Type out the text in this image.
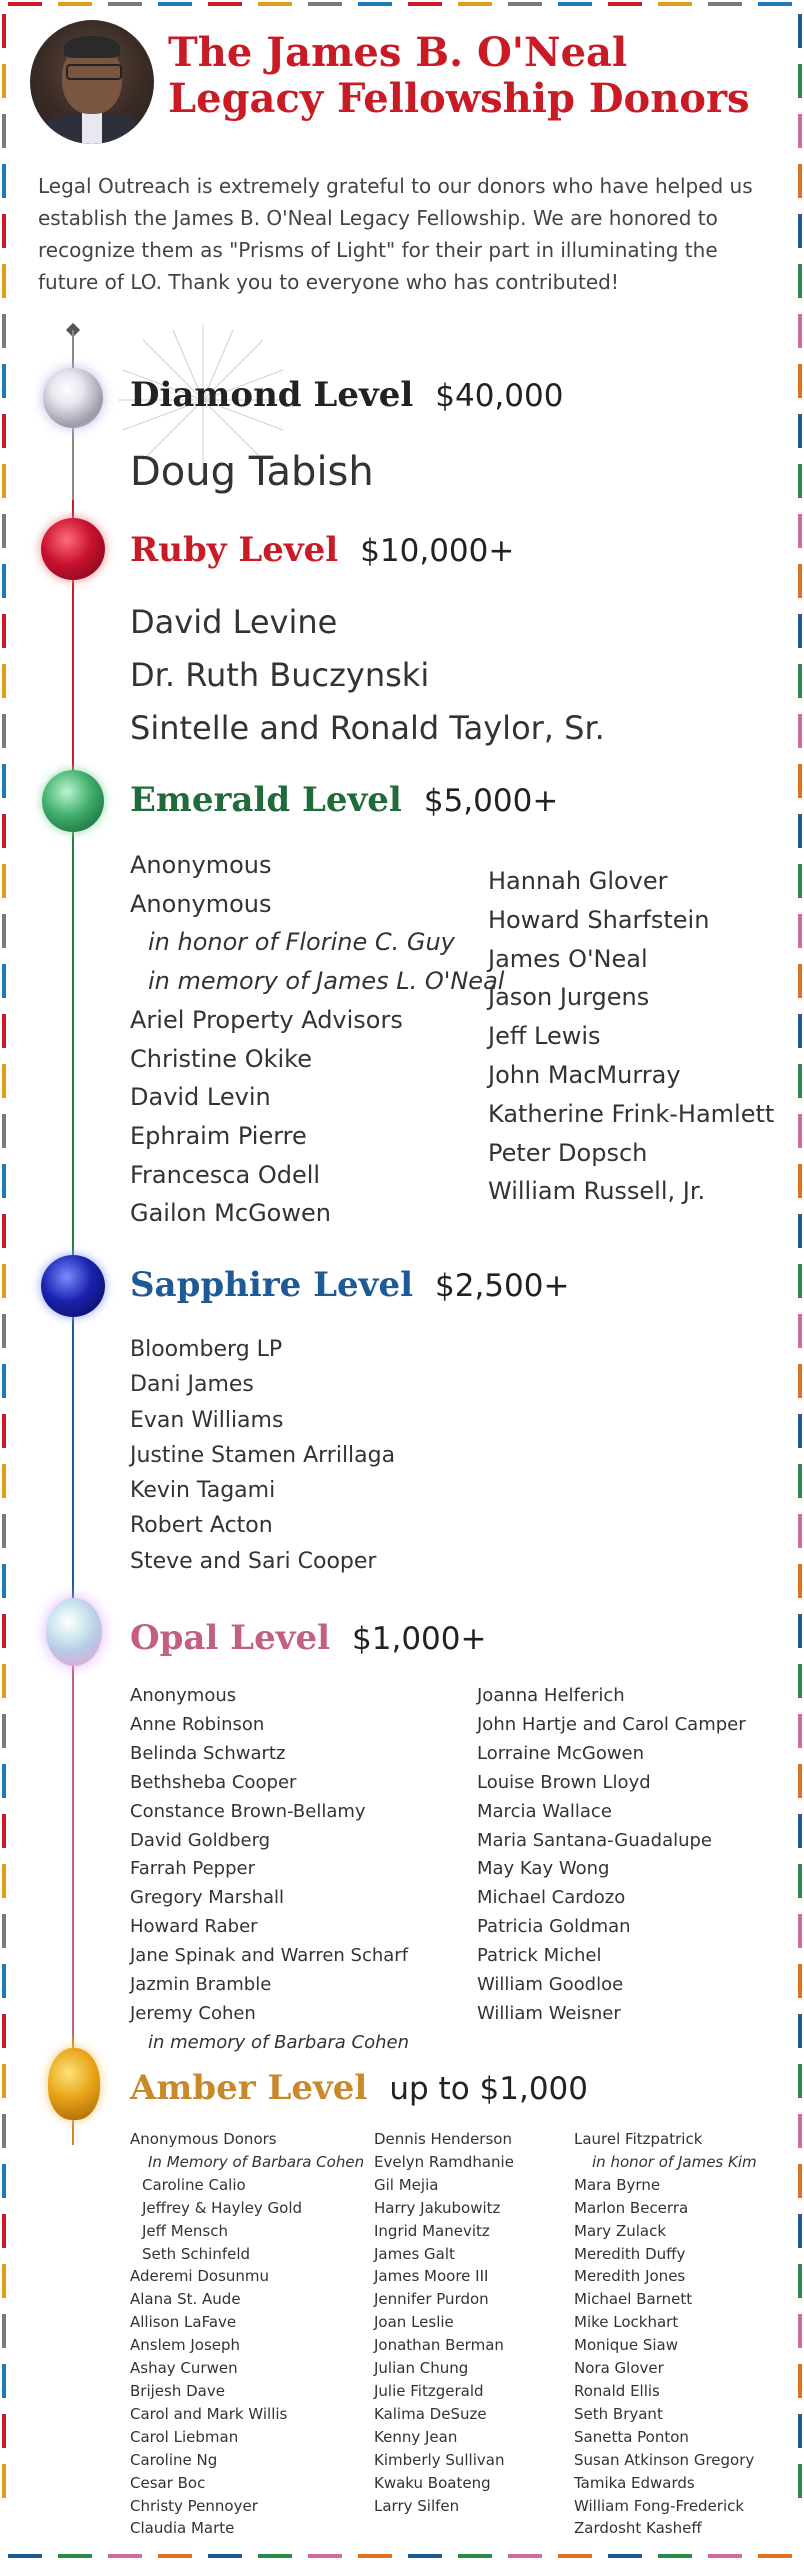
The James B. O'Neal
Legacy Fellowship Donors

Legal Outreach is extremely grateful to our donors who have helped us establish the James B. O'Neal Legacy Fellowship. We are honored to recognize them as "Prisms of Light" for their part in illuminating the future of LO. Thank you to everyone who has contributed!

Diamond Level $40,000
Doug Tabish
Ruby Level $10,000+
David Levine
Dr. Ruth Buczynski
Sintelle and Ronald Taylor, Sr.
Emerald Level $5,000+
Anonymous
Anonymous
in honor of Florine C. Guy
in memory of James L. O'Neal
Ariel Property Advisors
Christine Okike
David Levin
Ephraim Pierre
Francesca Odell
Gailon McGowen
Hannah Glover
Howard Sharfstein
James O'Neal
Jason Jurgens
Jeff Lewis
John MacMurray
Katherine Frink-Hamlett
Peter Dopsch
William Russell, Jr.
Sapphire Level $2,500+
Bloomberg LP
Dani James
Evan Williams
Justine Stamen Arrillaga
Kevin Tagami
Robert Acton
Steve and Sari Cooper
Opal Level $1,000+
Anonymous
Anne Robinson
Belinda Schwartz
Bethsheba Cooper
Constance Brown-Bellamy
David Goldberg
Farrah Pepper
Gregory Marshall
Howard Raber
Jane Spinak and Warren Scharf
Jazmin Bramble
Jeremy Cohen
in memory of Barbara Cohen
Joanna Helferich
John Hartje and Carol Camper
Lorraine McGowen
Louise Brown Lloyd
Marcia Wallace
Maria Santana-Guadalupe
May Kay Wong
Michael Cardozo
Patricia Goldman
Patrick Michel
William Goodloe
William Weisner
Amber Level up to $1,000
Anonymous Donors
In Memory of Barbara Cohen
Caroline Calio
Jeffrey & Hayley Gold
Jeff Mensch
Seth Schinfeld
Aderemi Dosunmu
Alana St. Aude
Allison LaFave
Anslem Joseph
Ashay Curwen
Brijesh Dave
Carol and Mark Willis
Carol Liebman
Caroline Ng
Cesar Boc
Christy Pennoyer
Claudia Marte
Dennis Henderson
Evelyn Ramdhanie
Gil Mejia
Harry Jakubowitz
Ingrid Manevitz
James Galt
James Moore III
Jennifer Purdon
Joan Leslie
Jonathan Berman
Julian Chung
Julie Fitzgerald
Kalima DeSuze
Kenny Jean
Kimberly Sullivan
Kwaku Boateng
Larry Silfen
Laurel Fitzpatrick
in honor of James Kim
Mara Byrne
Marlon Becerra
Mary Zulack
Meredith Duffy
Meredith Jones
Michael Barnett
Mike Lockhart
Monique Siaw
Nora Glover
Ronald Ellis
Seth Bryant
Sanetta Ponton
Susan Atkinson Gregory
Tamika Edwards
William Fong-Frederick
Zardosht Kasheff
